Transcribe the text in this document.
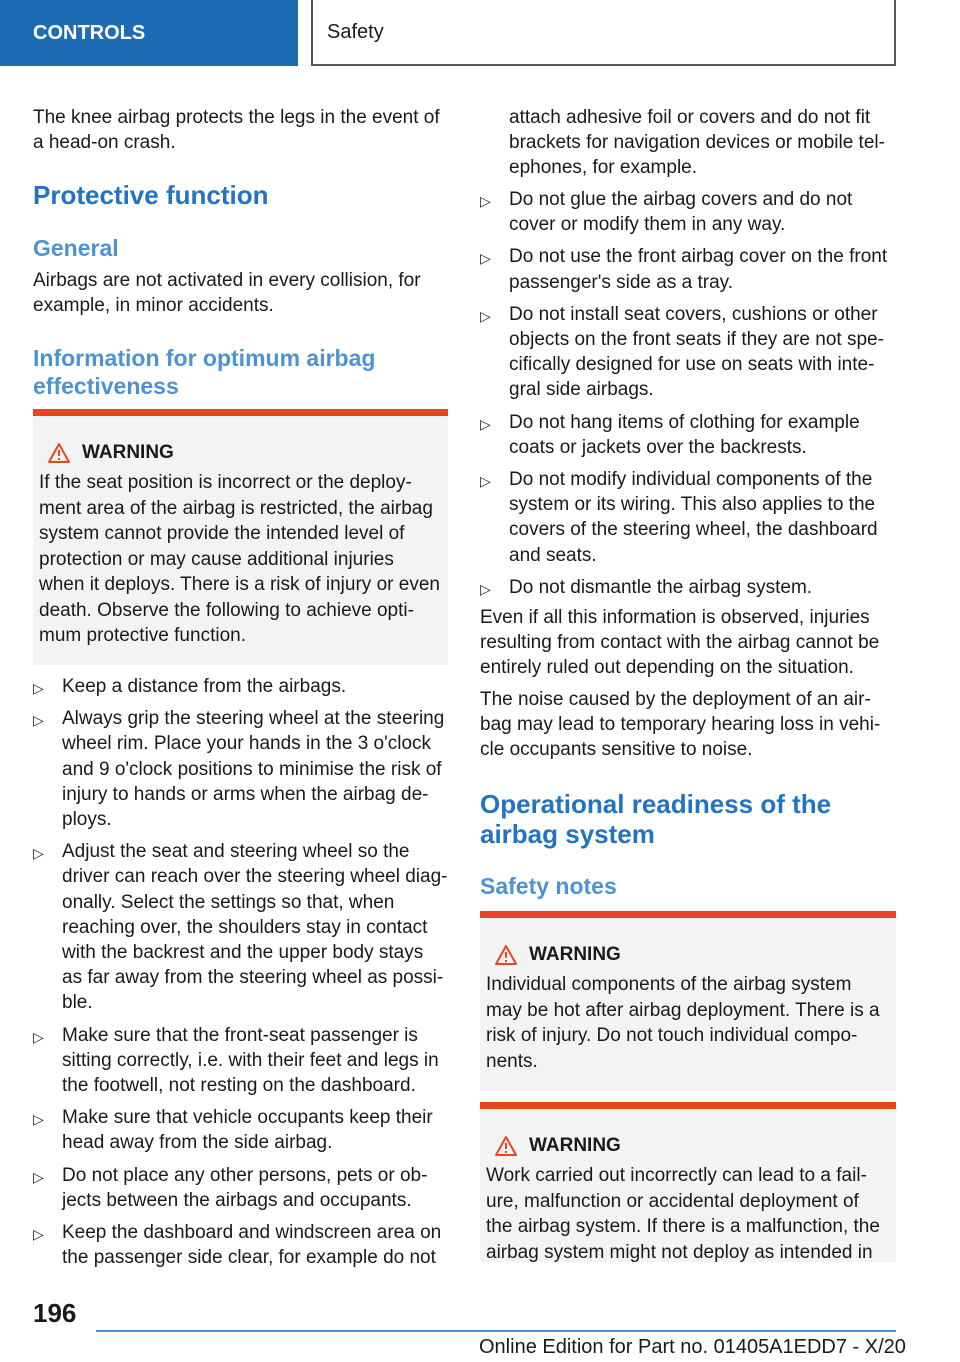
CONTROLS	Safety

The knee airbag protects the legs in the event of a head-on crash.

Protective function
General

Airbags are not activated in every collision, for example, in minor accidents.

Information for optimum airbag effectiveness
WARNING

If the seat position is incorrect or the deployment area of the airbag is restricted, the airbag system cannot provide the intended level of protection or may cause additional injuries when it deploys. There is a risk of injury or even death. Observe the following to achieve optimum protective function.

▷ Keep a distance from the airbags.
▷ Always grip the steering wheel at the steering wheel rim. Place your hands in the 3 o'clock and 9 o'clock positions to minimise the risk of injury to hands or arms when the airbag deploys.
▷ Adjust the seat and steering wheel so the driver can reach over the steering wheel diagonally. Select the settings so that, when reaching over, the shoulders stay in contact with the backrest and the upper body stays as far away from the steering wheel as possible.
▷ Make sure that the front-seat passenger is sitting correctly, i.e. with their feet and legs in the footwell, not resting on the dashboard.
▷ Make sure that vehicle occupants keep their head away from the side airbag.
▷ Do not place any other persons, pets or objects between the airbags and occupants.
▷ Keep the dashboard and windscreen area on the passenger side clear, for example do not

attach adhesive foil or covers and do not fit brackets for navigation devices or mobile telephones, for example.

▷ Do not glue the airbag covers and do not cover or modify them in any way.
▷ Do not use the front airbag cover on the front passenger's side as a tray.
▷ Do not install seat covers, cushions or other objects on the front seats if they are not specifically designed for use on seats with integral side airbags.
▷ Do not hang items of clothing for example coats or jackets over the backrests.
▷ Do not modify individual components of the system or its wiring. This also applies to the covers of the steering wheel, the dashboard and seats.
▷ Do not dismantle the airbag system.

Even if all this information is observed, injuries resulting from contact with the airbag cannot be entirely ruled out depending on the situation.

The noise caused by the deployment of an airbag may lead to temporary hearing loss in vehicle occupants sensitive to noise.

Operational readiness of the airbag system
Safety notes
WARNING

Individual components of the airbag system may be hot after airbag deployment. There is a risk of injury. Do not touch individual components.

WARNING

Work carried out incorrectly can lead to a failure, malfunction or accidental deployment of the airbag system. If there is a malfunction, the airbag system might not deploy as intended in

196
Online Edition for Part no. 01405A1EDD7 - X/20
